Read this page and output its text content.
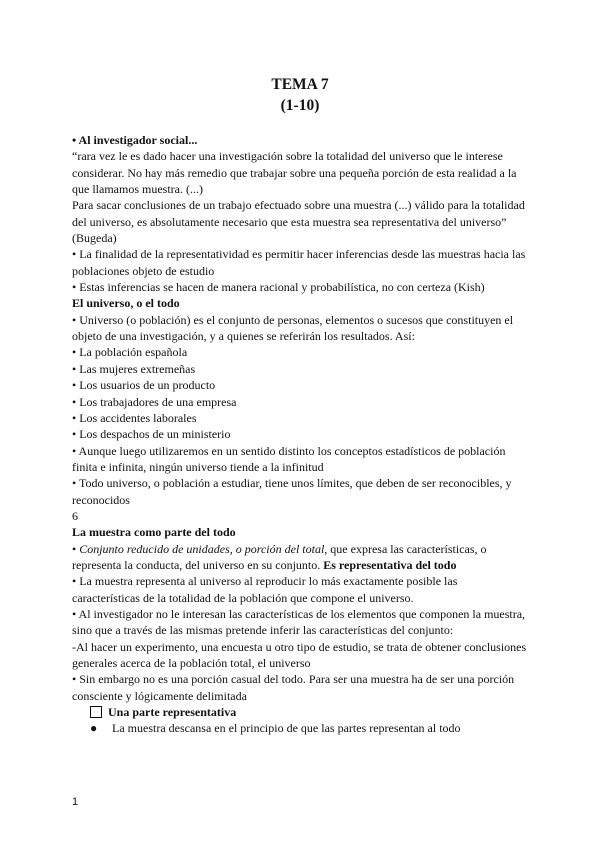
TEMA 7
(1-10)

• Al investigador social...

“rara vez le es dado hacer una investigación sobre la totalidad del universo que le interese considerar. No hay más remedio que trabajar sobre una pequeña porción de esta realidad a la que llamamos muestra. (...)

Para sacar conclusiones de un trabajo efectuado sobre una muestra (...) válido para la totalidad del universo, es absolutamente necesario que esta muestra sea representativa del universo” (Bugeda)

• La finalidad de la representatividad es permitir hacer inferencias desde las muestras hacia las poblaciones objeto de estudio

• Estas inferencias se hacen de manera racional y probabilística, no con certeza (Kish)

El universo, o el todo

• Universo (o población) es el conjunto de personas, elementos o sucesos que constituyen el objeto de una investigación, y a quienes se referirán los resultados. Así:

• La población española

• Las mujeres extremeñas

• Los usuarios de un producto

• Los trabajadores de una empresa

• Los accidentes laborales

• Los despachos de un ministerio

• Aunque luego utilizaremos en un sentido distinto los conceptos estadísticos de población finita e infinita, ningún universo tiende a la infinitud

• Todo universo, o población a estudiar, tiene unos límites, que deben de ser reconocibles, y reconocidos

6

La muestra como parte del todo

• Conjunto reducido de unidades, o porción del total, que expresa las características, o representa la conducta, del universo en su conjunto. Es representativa del todo

• La muestra representa al universo al reproducir lo más exactamente posible las características de la totalidad de la población que compone el universo.

• Al investigador no le interesan las características de los elementos que componen la muestra, sino que a través de las mismas pretende inferir las características del conjunto:

-Al hacer un experimento, una encuesta u otro tipo de estudio, se trata de obtener conclusiones generales acerca de la población total, el universo

• Sin embargo no es una porción casual del todo. Para ser una muestra ha de ser una porción consciente y lógicamente delimitada

Una parte representativa
●	La muestra descansa en el principio de que las partes representan al todo
1
